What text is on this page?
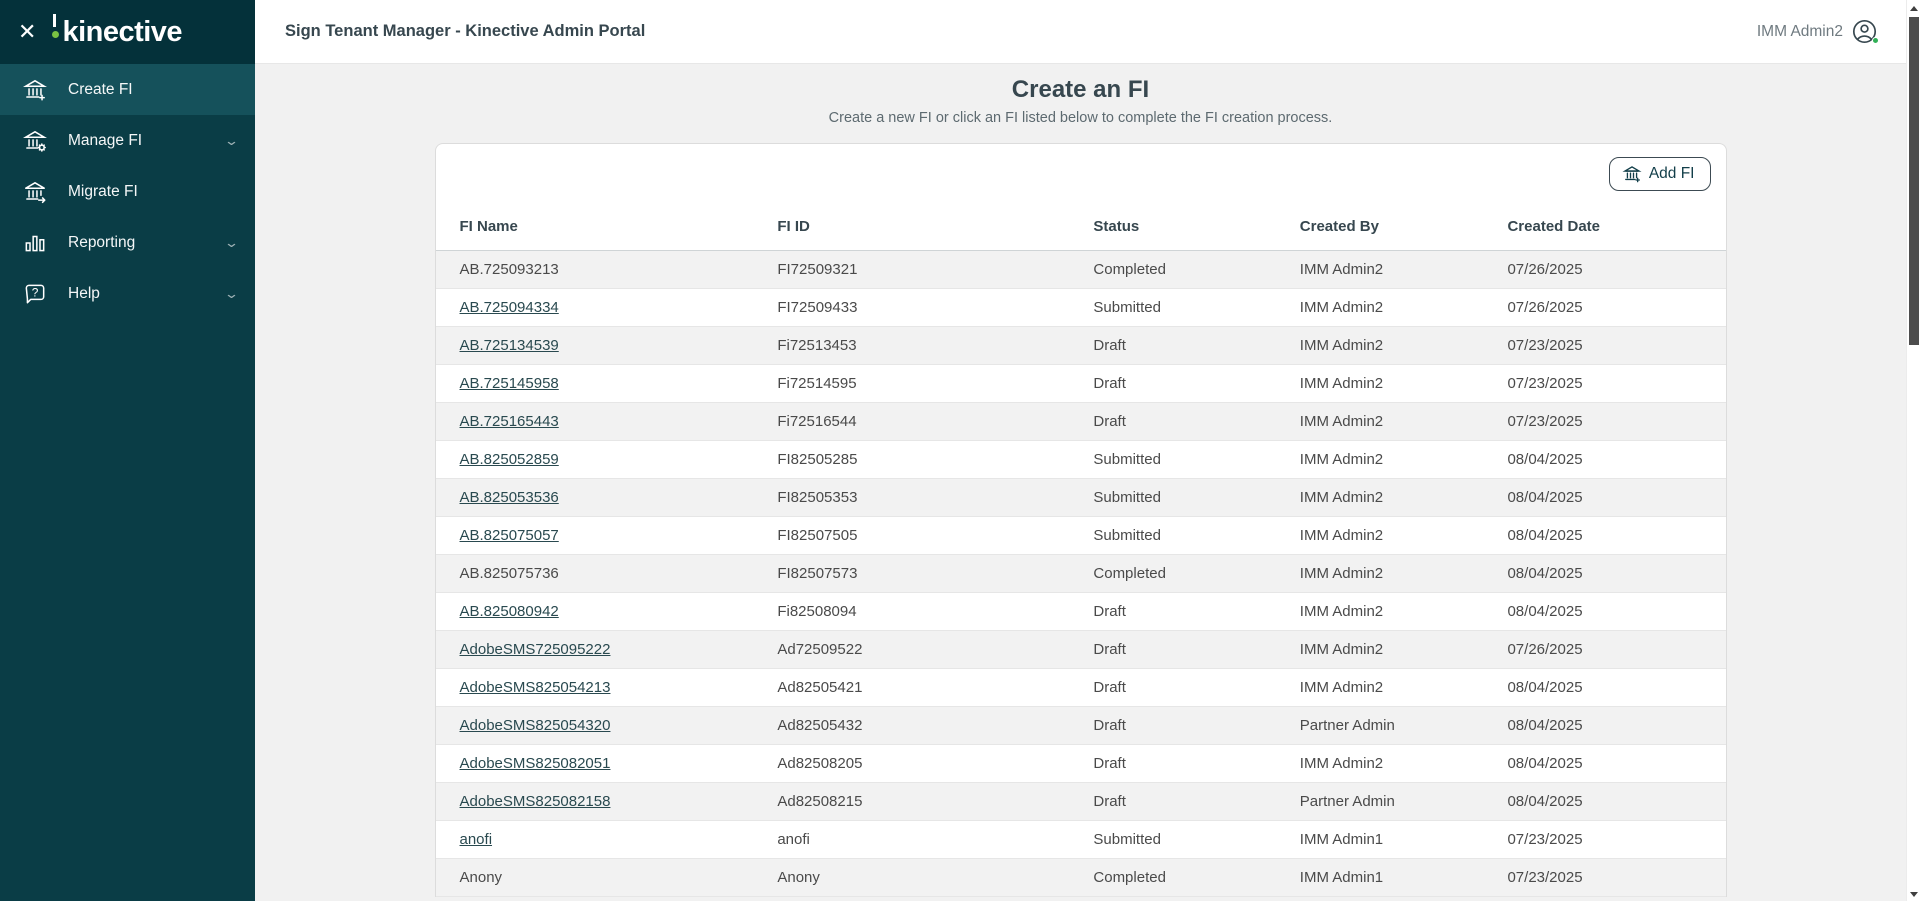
✕ kinective
Create FI
Manage FI	⌄
Migrate FI
Reporting	⌄
? Help	⌄
Sign Tenant Manager - Kinective Admin Portal	IMM Admin2
Create an FI
Create a new FI or click an FI listed below to complete the FI creation process.
Add FI
FI Name	FI ID	Status	Created By	Created Date
AB.725093213	FI72509321	Completed	IMM Admin2	07/26/2025
AB.725094334	FI72509433	Submitted	IMM Admin2	07/26/2025
AB.725134539	Fi72513453	Draft	IMM Admin2	07/23/2025
AB.725145958	Fi72514595	Draft	IMM Admin2	07/23/2025
AB.725165443	Fi72516544	Draft	IMM Admin2	07/23/2025
AB.825052859	FI82505285	Submitted	IMM Admin2	08/04/2025
AB.825053536	FI82505353	Submitted	IMM Admin2	08/04/2025
AB.825075057	FI82507505	Submitted	IMM Admin2	08/04/2025
AB.825075736	FI82507573	Completed	IMM Admin2	08/04/2025
AB.825080942	Fi82508094	Draft	IMM Admin2	08/04/2025
AdobeSMS725095222	Ad72509522	Draft	IMM Admin2	07/26/2025
AdobeSMS825054213	Ad82505421	Draft	IMM Admin2	08/04/2025
AdobeSMS825054320	Ad82505432	Draft	Partner Admin	08/04/2025
AdobeSMS825082051	Ad82508205	Draft	IMM Admin2	08/04/2025
AdobeSMS825082158	Ad82508215	Draft	Partner Admin	08/04/2025
anofi	anofi	Submitted	IMM Admin1	07/23/2025
Anony	Anony	Completed	IMM Admin1	07/23/2025
